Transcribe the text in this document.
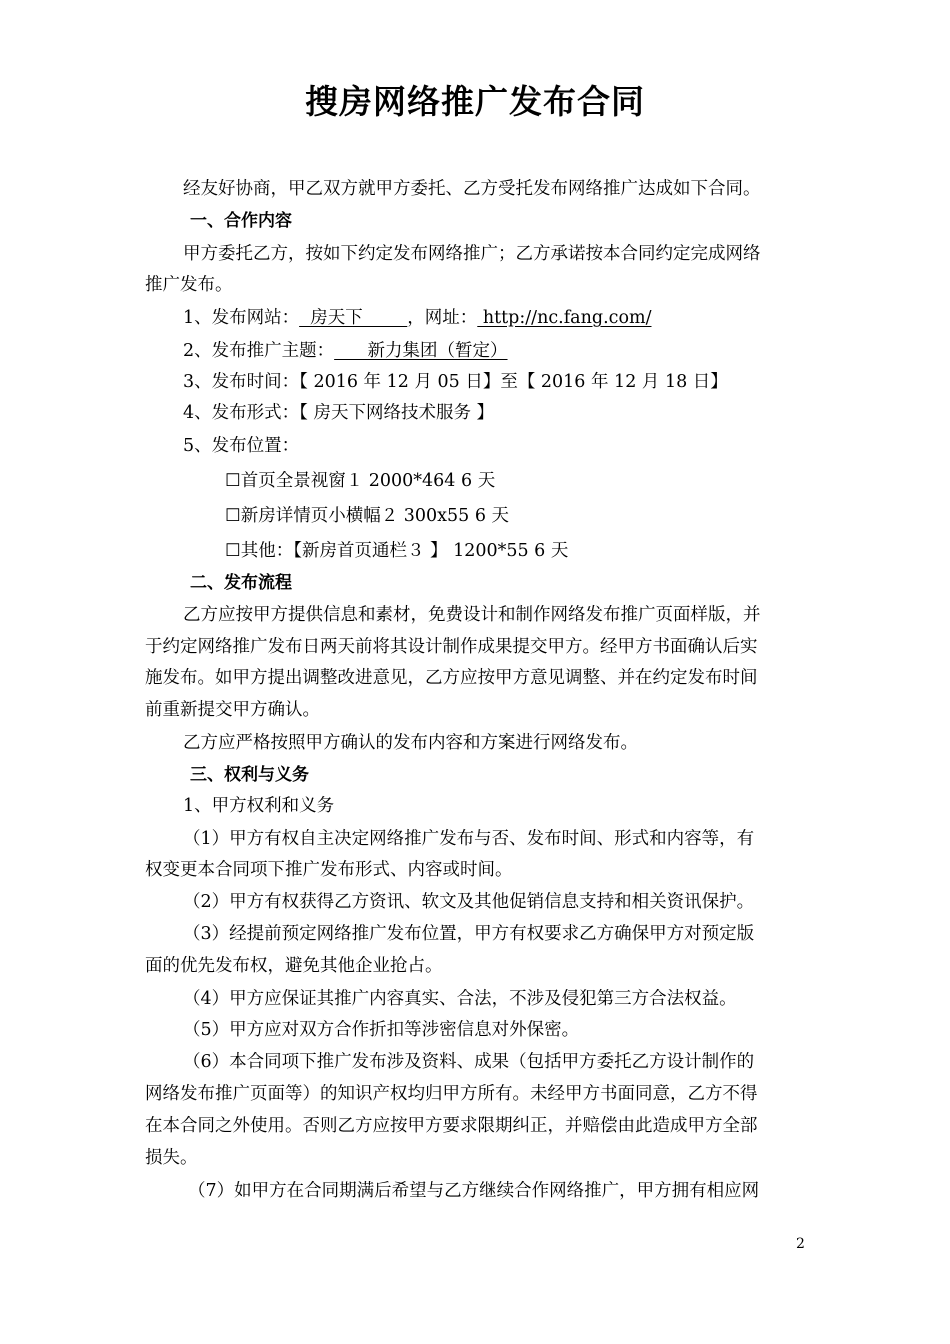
搜房网络推广发布合同
经友好协商，甲乙双方就甲方委托、乙方受托发布网络推广达成如下合同。
一、合作内容
甲方委托乙方，按如下约定发布网络推广；乙方承诺按本合同约定完成网络
推广发布。
1、发布网站：  房天下        ，网址： http://nc.fang.com/
2、发布推广主题：      新力集团（暂定）
3、发布时间：【 2016 年 12 月 05 日】至【 2016 年 12 月 18 日】
4、发布形式：【 房天下网络技术服务 】
5、发布位置：
☐首页全景视窗１ 2000*464 6 天
☐新房详情页小横幅２ 300x55 6 天
☐其他：【新房首页通栏３ 】 1200*55 6 天
二、发布流程
乙方应按甲方提供信息和素材，免费设计和制作网络发布推广页面样版，并
于约定网络推广发布日两天前将其设计制作成果提交甲方。经甲方书面确认后实
施发布。如甲方提出调整改进意见，乙方应按甲方意见调整、并在约定发布时间
前重新提交甲方确认。
乙方应严格按照甲方确认的发布内容和方案进行网络发布。
三、权利与义务
1、甲方权利和义务
（1）甲方有权自主决定网络推广发布与否、发布时间、形式和内容等，有
权变更本合同项下推广发布形式、内容或时间。
（2）甲方有权获得乙方资讯、软文及其他促销信息支持和相关资讯保护。
（3）经提前预定网络推广发布位置，甲方有权要求乙方确保甲方对预定版
面的优先发布权，避免其他企业抢占。
（4）甲方应保证其推广内容真实、合法，不涉及侵犯第三方合法权益。
（5）甲方应对双方合作折扣等涉密信息对外保密。
（6）本合同项下推广发布涉及资料、成果（包括甲方委托乙方设计制作的
网络发布推广页面等）的知识产权均归甲方所有。未经甲方书面同意，乙方不得
在本合同之外使用。否则乙方应按甲方要求限期纠正，并赔偿由此造成甲方全部
损失。
（7）如甲方在合同期满后希望与乙方继续合作网络推广，甲方拥有相应网
2
